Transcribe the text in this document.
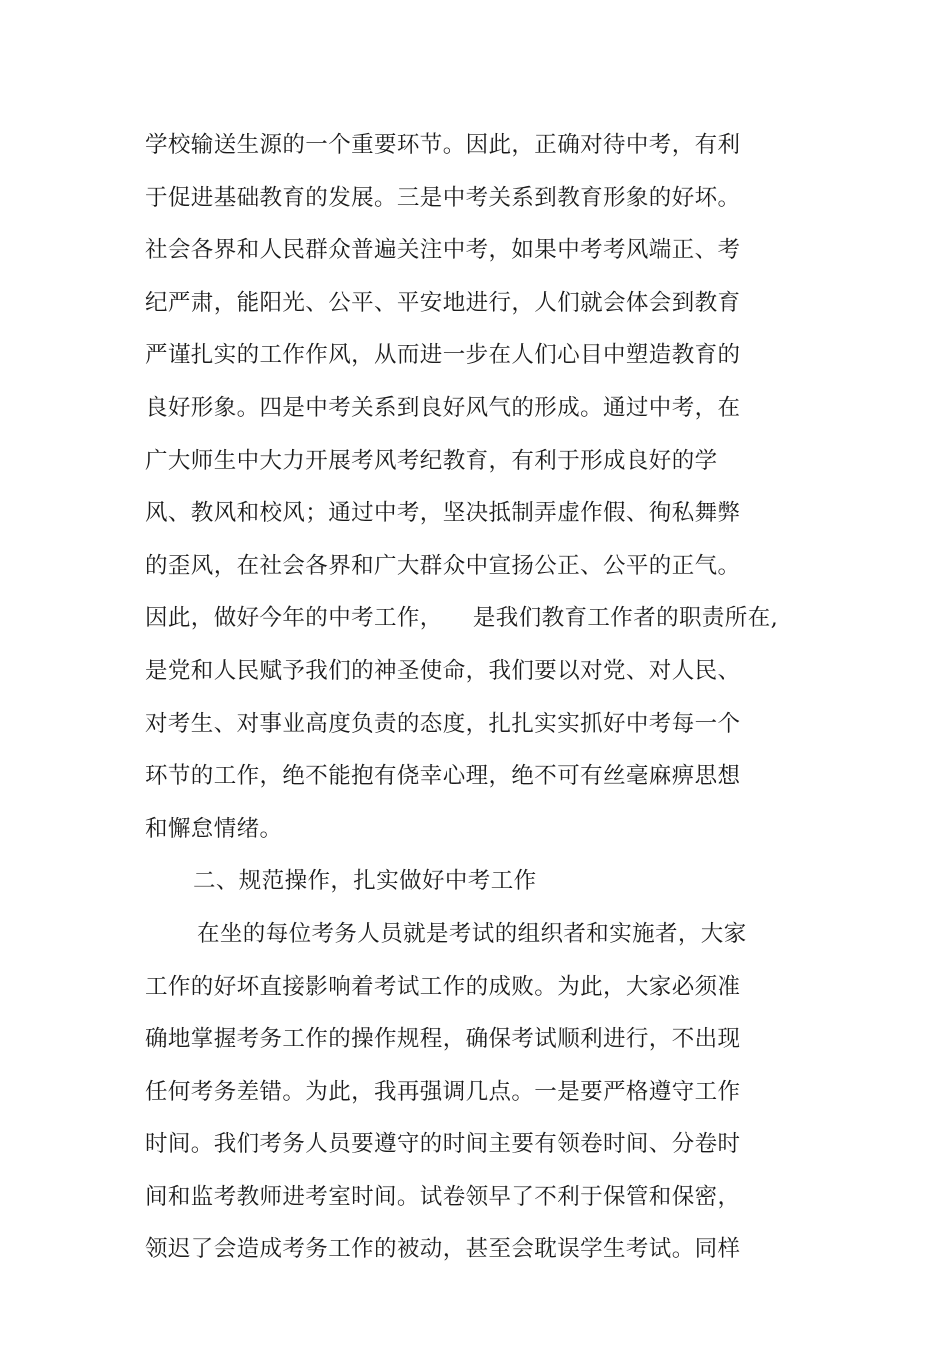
学校输送生源的一个重要环节。因此，正确对待中考，有利
于促进基础教育的发展。三是中考关系到教育形象的好坏。
社会各界和人民群众普遍关注中考，如果中考考风端正、考
纪严肃，能阳光、公平、平安地进行，人们就会体会到教育
严谨扎实的工作作风，从而进一步在人们心目中塑造教育的
良好形象。四是中考关系到良好风气的形成。通过中考，在
广大师生中大力开展考风考纪教育，有利于形成良好的学
风、教风和校风；通过中考，坚决抵制弄虚作假、徇私舞弊
的歪风，在社会各界和广大群众中宣扬公正、公平的正气。
因此，做好今年的中考工作，    是我们教育工作者的职责所在,
是党和人民赋予我们的神圣使命，我们要以对党、对人民、
对考生、对事业高度负责的态度，扎扎实实抓好中考每一个
环节的工作，绝不能抱有侥幸心理，绝不可有丝毫麻痹思想
和懈怠情绪。
二、规范操作，扎实做好中考工作
在坐的每位考务人员就是考试的组织者和实施者，大家
工作的好坏直接影响着考试工作的成败。为此，大家必须准
确地掌握考务工作的操作规程，确保考试顺利进行，不出现
任何考务差错。为此，我再强调几点。一是要严格遵守工作
时间。我们考务人员要遵守的时间主要有领卷时间、分卷时
间和监考教师进考室时间。试卷领早了不利于保管和保密，
领迟了会造成考务工作的被动，甚至会耽误学生考试。同样
